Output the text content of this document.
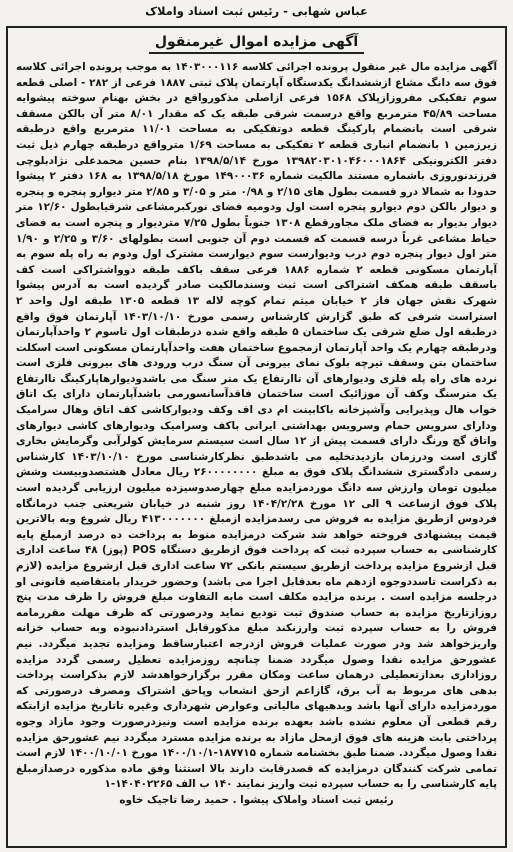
عباس شهابی - رئیس ثبت اسناد واملاک
آگهی مزایده اموال غیرمنقول
آگهی مزایده مال غیر منقول پرونده اجرائی کلاسه ۱۴۰۳۰۰۰۱۱۶ به موجب پرونده اجرائی کلاسه فوق سه دانگ مشاع ازششدانگ یکدستگاه آپارتمان پلاک ثبتی ۱۸۸۷ فرعی از ۲۸۲ - اصلی قطعه سوم تفکیکی مفروزازپلاک ۱۵۶۸ فرعی ازاصلی مذکورواقع در بخش بهنام سوخته پیشوایه مساحت ۴۵/۸۹ مترمربع واقع درسمت شرقی طبقه یک که مقدار ۸/۰۱ متر آن بالکن مسقف شرقی است بانضمام پارکینگ قطعه دوتفکیکی به مساحت ۱۱/۰۱ مترمربع واقع درطبقه زیرزمین ۱ بانضمام انباری قطعه ۲ تفکیکی به مساحت ۱/۶۹ مترواقع درطبقه چهارم ذیل ثبت دفتر الکترونیکی ۱۳۹۸۲۰۳۰۱۰۴۶۰۰۰۱۸۶۴ مورخ ۱۳۹۸/۵/۱۴ بنام حسین محمدعلی نژادبلوچی فرزندنوروزی باشماره مستند مالکیت شماره ۱۴۹۰۰۰۳۶ مورخ ۱۳۹۸/۵/۱۸ به ۱۶۸ دفتر ۲ پیشوا حدودا به شمالا درو قسمت بطول های ۲/۱۵ و ۰/۹۸ متر و ۳/۰۵ و ۲/۸۵ متر دیوارو پنجره و پنجره و دیوار بالکن دوم دیوارو پنجره است اول ودومیه فضای نورکبرمشاعی شرقیابطول ۱۲/۶۰ متر دیوار بدیوار به فضای ملک مجاورقطع ۱۳۰۸ جنوباً بطول ۷/۲۵ متردیوار و پنجره است به فضای حیاط مشاعی غرباً درسه قسمت که قسمت دوم آن جنوبی است بطولهای ۳/۶۰ و ۲/۲۵ و ۱/۹۰ متر اول دیوار پنجره دوم درب ودیوارست سوم دیوارست مشترک اول ودوم به راه پله سوم به آپارتمان مسکونی قطعه ۲ شماره ۱۸۸۶ فرعی سقف باکف طبقه دوواشتراکی است کف باسقف طبقه همکف اشتراکی است ثبت وسندمالکیت صادر گردیده است به آدرس پیشوا شهرک نقش جهان فاز ۲ خیابان میثم تمام کوچه لاله ۱۳ قطعه ۱۳۰۵ طبقه اول واحد ۲ استراست شرقی که طبق گزارش کارشناس رسمی مورخ ۱۴۰۳/۱۰/۱۰ آپارتمان فوق واقع درطبقه اول ضلع شرقی یک ساختمان ۵ طبقه واقع شده درطبقات اول تاسوم ۲ واحدآپارتمان ودرطبقه چهارم یک واحد آپارتمان ازمجموع ساختمان هفت واحدآپارتمان مسکونی است اسکلت ساختمان بتن وسقف تیرچه بلوک نمای بیرونی آن سنگ درب ورودی های بیرونی فلزی است نرده های راه پله فلزی ودیوارهای آن تاارتفاع یک متر سنگ می باشدودیوارهاپارکینگ تاارتفاع یک مترسنگ وکف آن موزائیک است ساختمان فاقدآسانسورمی باشدآپارتمان دارای یک اتاق خواب هال وپذیرایی وآشپزخانه باکابینت ام دی اف وکف ودیوارکاشی کف اتاق وهال سرامیک ودارای سرویس حمام وسرویس بهداشتی ایرانی باکف وسرامیک ودیوارهای کاشی دیوارهای واتاق گچ ورنگ دارای قسمت پیش از ۱۲ سال است سیستم سرمایش کولرآبی وگرمایش بخاری گازی است ودرزمان بازدیدتخلیه می باشدطبق نظرکارشناسی مورخ ۱۴۰۳/۱۰/۱۰ کارشناس رسمی دادگستری ششدانگ پلاک فوق به مبلغ ۲۶۰۰۰۰۰۰۰۰ ریال معادل هشتصدوبیست وشش میلیون تومان وارزش سه دانگ موردمزایده مبلغ چهارصدوسیزده میلیون ارزیابی گردیده است پلاک فوق ازساعت ۹ الی ۱۲ مورخ ۱۴۰۴/۲/۲۸ روز شنبه در خیابان شریعتی جنب درمانگاه فردوس ازطریق مزایده به فروش می رسدمزایده ازمبلغ ۴۱۳۰۰۰۰۰۰۰ ریال شروع وبه بالاترین قیمت پیشنهادی فروخته خواهد شد شرکت درمزایده منوط به پرداخت ده درصد ازمبلغ پایه کارشناسی به حساب سپرده ثبت که پرداخت فوق ازطریق دستگاه POS (پوز) ۴۸ ساعت اداری قبل ازشروع مزایده پرداخت ازطریق سیستم بانکی ۷۲ ساعت اداری قبل ازشروع مزایده (لازم به ذکراست تاسددوجوه ازدهم ماه بعدقابل اجرا می باشد) وحضور خریدار بامتقاضیه قانونی او درجلسه مزایده است . برنده مزایده مکلف است مابه التفاوت مبلغ فروش را ظرف مدت پنج روزازتاریخ مزایده به حساب صندوق ثبت تودیع نماید ودرصورتی که ظرف مهلت مقررمامه فروش را به حساب سپرده ثبت وارزنکند مبلغ مذکورقابل استردادنبوده وبه حساب خزانه واریزخواهد شد ودر صورت عملیات فروش ازدرجه اعتبارساقط ومزایده تجدید میگردد. نیم عشورحق مزایده نقدا وصول میگردد ضمنا چنانچه روزمزایده تعطیل رسمی گردد مزایده روزاداری بعدازتعطیلی درهمان ساعت ومکان مقرر برگزارخواهدشد لازم بذکراست پرداخت بدهی های مربوط به آب برق، گازاعم ازحق انشعاب وپاحق اشتراک ومصرف درصورتی که موردمزایده دارای آنها باشد وبدهیهای مالیاتی وعوارض شهرداری وغیره تاتاریخ مزایده ازابتکه رقم قطعی آن معلوم نشده باشد بعهده برنده مزایده است ونیزدرصورت وجود مازاد وجوه پرداختی بابت هزینه های فوق ازمحل مازاد به برنده مزایده مسترد میگردد نیم عشورحق مزایده نقدا وصول میگردد. ضمنا طبق بخشنامه شماره ۱۸۷۷۱۵-۱۴۰۰/۱۰/۱ مورخ ۱۴۰۰/۱۰/۰۱ لازم است تمامی شرکت کنندگان درمزایده که قصدرقابت دارند بالا استثنا وفق ماده مذکوره درصدازمبلغ پایه کارشناسی را به حساب سپرده ثبت واریز نمایند ۱۴۰ ب الف ۱۴۰۴۰۲۲۶۵-۱
رئیس ثبت اسناد واملاک پیشوا . حمید رضا تاجیک خاوه
